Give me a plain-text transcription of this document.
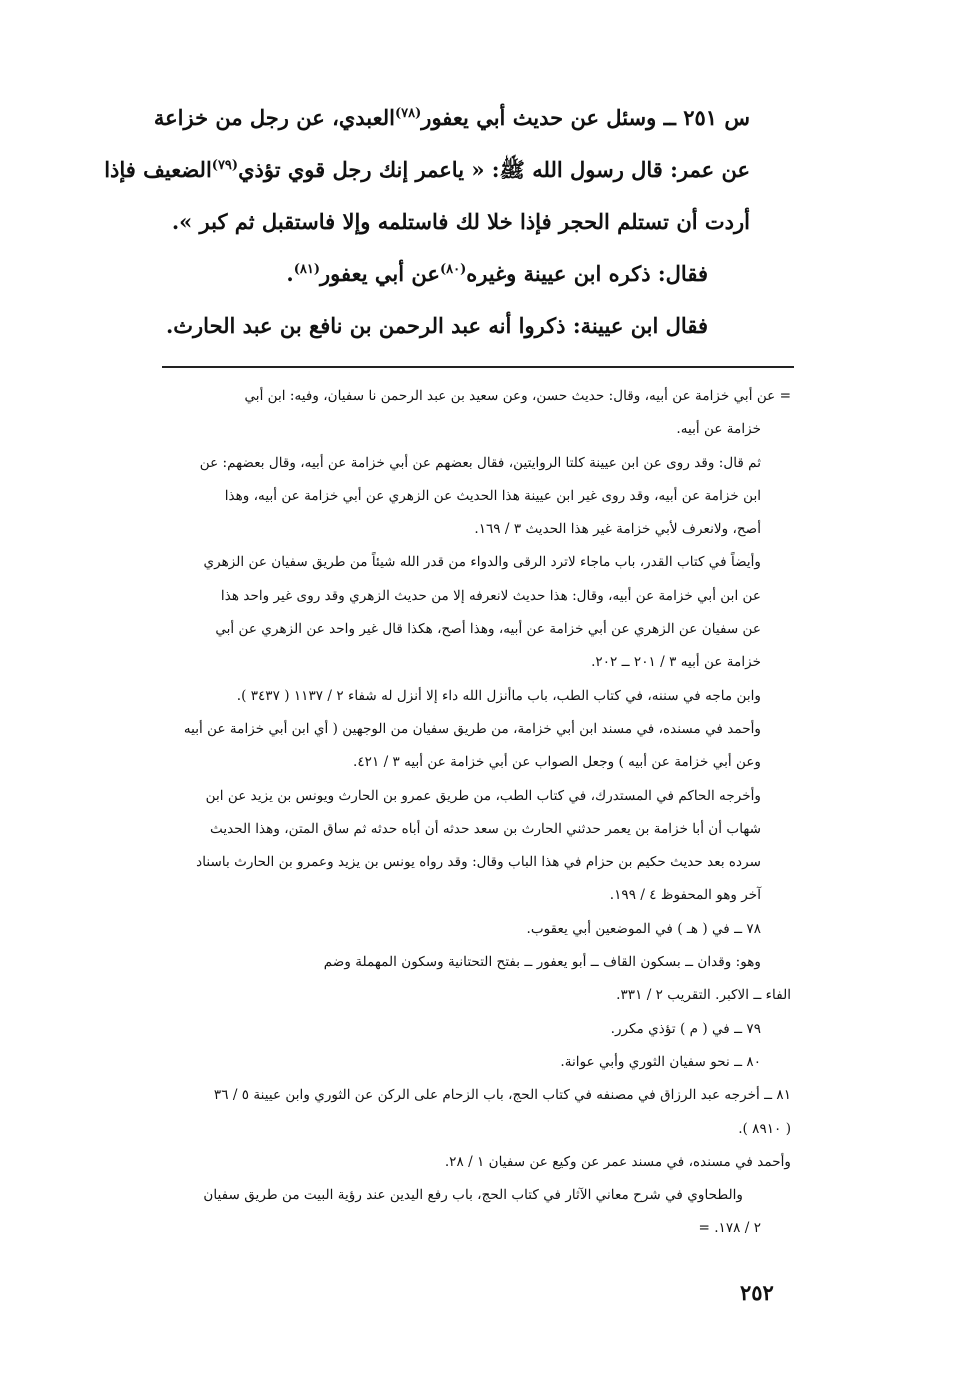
س ٢٥١ ــ وسئل عن حديث أبي يعفور$^{(٧٨)}$العبدي، عن رجل من خزاعة

عن عمر: قال رسول الله ﷺ: « ياعمر إنك رجل قوي تؤذي$^{(٧٩)}$الضعيف فإذا

أردت أن تستلم الحجر فإذا خلا لك فاستلمه وإلا فاستقبل ثم كبر ».

فقال: ذكره ابن عيينة وغيره$^{(٨٠)}$عن أبي يعفور$^{(٨١)}$.

فقال ابن عيينة: ذكروا أنه عبد الرحمن بن نافع بن عبد الحارث.

= عن أبي خزامة عن أبيه، وقال: حديث حسن، وعن سعيد بن عبد الرحمن نا سفيان، وفيه: ابن أبي

خزامة عن أبيه.

ثم قال: وقد روى عن ابن عيينة كلتا الروايتين، فقال بعضهم عن أبي خزامة عن أبيه، وقال بعضهم: عن

ابن خزامة عن أبيه، وقد روى غير ابن عيينة هذا الحديث عن الزهري عن أبي خزامة عن أبيه، وهذا

أصح، ولانعرف لأبي خزامة غير هذا الحديث ٣ / ١٦٩.

وأيضاً في كتاب القدر، باب ماجاء لاترد الرقى والدواء من قدر الله شيئاً من طريق سفيان عن الزهري

عن ابن أبي خزامة عن أبيه، وقال: هذا حديث لانعرفه إلا من حديث الزهري وقد روى غير واحد هذا

عن سفيان عن الزهري عن أبي خزامة عن أبيه، وهذا أصح، هكذا قال غير واحد عن الزهري عن أبي

خزامة عن أبيه ٣ / ٢٠١ ــ ٢٠٢.

وابن ماجه في سننه، في كتاب الطب، باب ماأنزل الله داء إلا أنزل له شفاء ٢ / ١١٣٧ ( ٣٤٣٧ ).

وأحمد في مسنده، في مسند ابن أبي خزامة، من طريق سفيان من الوجهين ( أي ابن أبي خزامة عن أبيه

وعن أبي خزامة عن أبيه ) وجعل الصواب عن أبي خزامة عن أبيه ٣ / ٤٢١.

وأخرجه الحاكم في المستدرك، في كتاب الطب، من طريق عمرو بن الحارث ويونس بن يزيد عن ابن

شهاب أن أبا خزامة بن يعمر حدثني الحارث بن سعد حدثه أن أباه حدثه ثم ساق المتن، وهذا الحديث

سرده بعد حديث حكيم بن حزام في هذا الباب وقال: وقد رواه يونس بن يزيد وعمرو بن الحارث باسناد

آخر وهو المحفوظ ٤ / ١٩٩.

٧٨ ــ في ( هـ ) في الموضعين أبي يعقوب.

وهو: وقدان ــ بسكون القاف ــ أبو يعفور ــ بفتح التحتانية وسكون المهملة وضم

الفاء ــ الاكبر. التقريب ٢ / ٣٣١.

٧٩ ــ في ( م ) تؤذي مكرر.

٨٠ ــ نحو سفيان الثوري وأبي عوانة.

٨١ ــ أخرجه عبد الرزاق في مصنفه في كتاب الحج، باب الزحام على الركن عن الثوري وابن عيينة ٥ / ٣٦

( ٨٩١٠ ).

وأحمد في مسنده، في مسند عمر عن وكيع عن سفيان ١ / ٢٨.

والطحاوي في شرح معاني الآثار في كتاب الحج، باب رفع اليدين عند رؤية البيت من طريق سفيان

٢ / ١٧٨. =

٢٥٢
